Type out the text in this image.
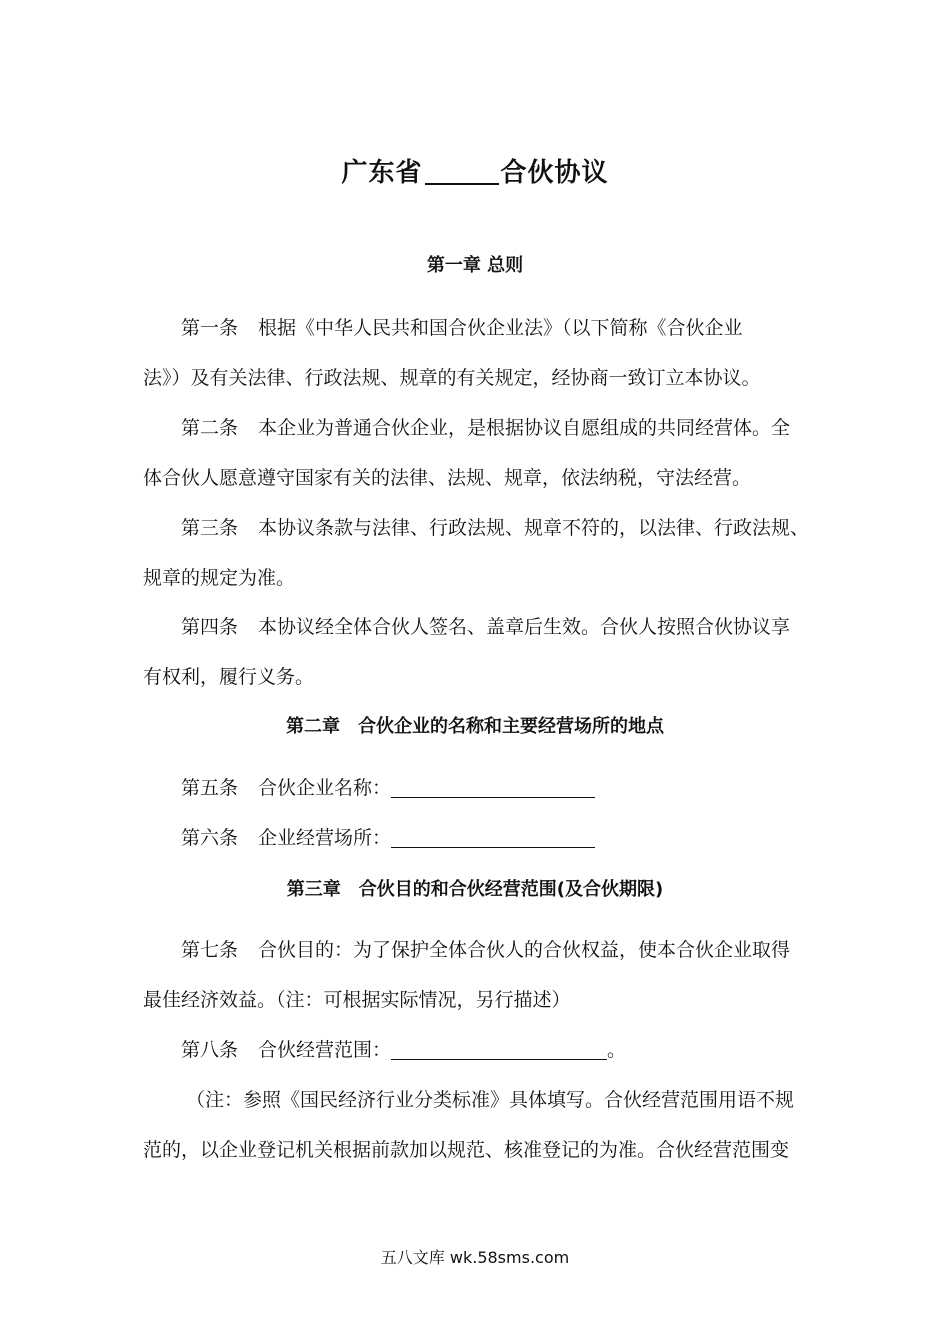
广东省	合伙协议
第一章 总则
第一条 根据《中华人民共和国合伙企业法》（以下简称《合伙企业
法》）及有关法律、行政法规、规章的有关规定，经协商一致订立本协议。
第二条 本企业为普通合伙企业，是根据协议自愿组成的共同经营体。全
体合伙人愿意遵守国家有关的法律、法规、规章，依法纳税，守法经营。
第三条 本协议条款与法律、行政法规、规章不符的，以法律、行政法规、
规章的规定为准。
第四条 本协议经全体合伙人签名、盖章后生效。合伙人按照合伙协议享
有权利，履行义务。
第二章　合伙企业的名称和主要经营场所的地点
第五条 合伙企业名称：
第六条 企业经营场所：
第三章　合伙目的和合伙经营范围(及合伙期限)
第七条 合伙目的：为了保护全体合伙人的合伙权益，使本合伙企业取得
最佳经济效益。（注：可根据实际情况，另行描述）
第八条 合伙经营范围：	。
（注：参照《国民经济行业分类标准》具体填写。合伙经营范围用语不规
范的，以企业登记机关根据前款加以规范、核准登记的为准。合伙经营范围变
五八文库 wk.58sms.com
